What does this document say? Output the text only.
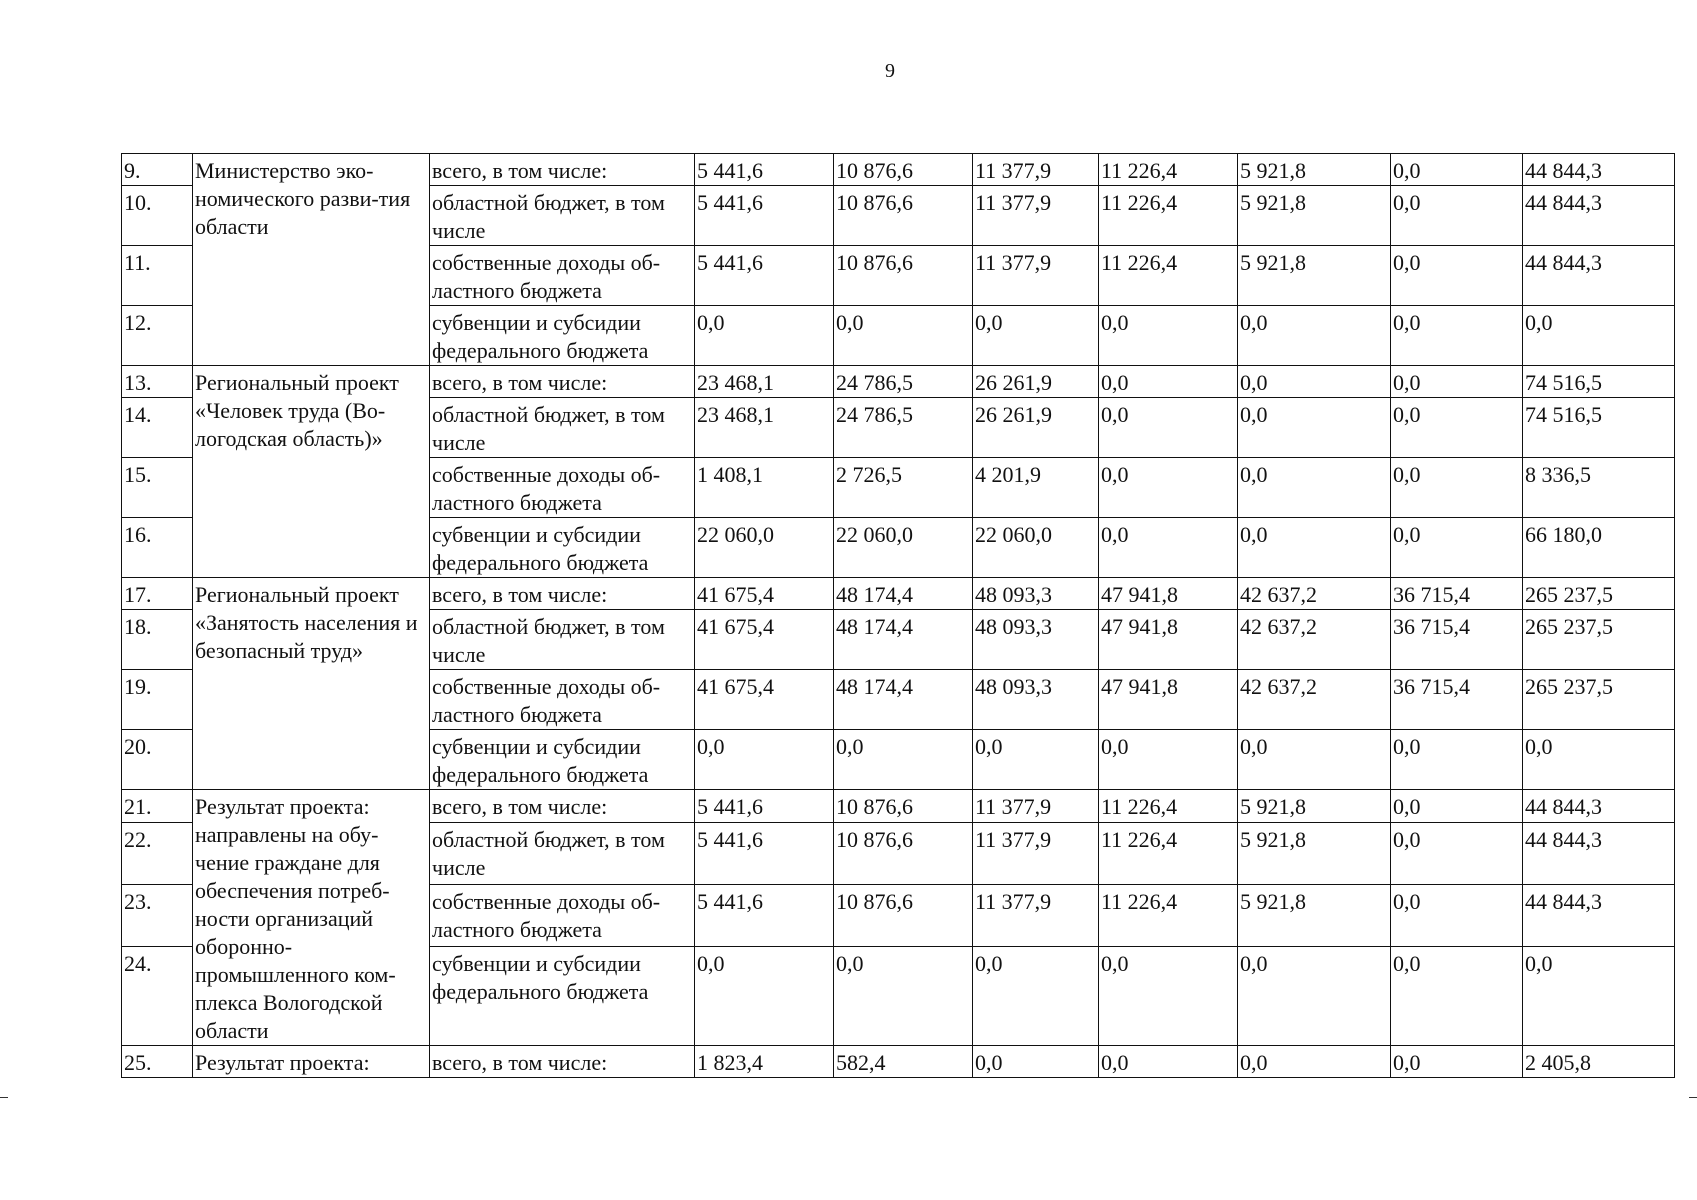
9
9.	Министерство эко-номического разви-тия области	всего, в том числе:	5 441,6	10 876,6	11 377,9	11 226,4	5 921,8	0,0	44 844,3
10.		областной бюджет, в том числе	5 441,6	10 876,6	11 377,9	11 226,4	5 921,8	0,0	44 844,3
11.		собственные доходы об-ластного бюджета	5 441,6	10 876,6	11 377,9	11 226,4	5 921,8	0,0	44 844,3
12.		субвенции и субсидии федерального бюджета	0,0	0,0	0,0	0,0	0,0	0,0	0,0
13.	Региональный проект «Человек труда (Во-логодская область)»	всего, в том числе:	23 468,1	24 786,5	26 261,9	0,0	0,0	0,0	74 516,5
14.		областной бюджет, в том числе	23 468,1	24 786,5	26 261,9	0,0	0,0	0,0	74 516,5
15.		собственные доходы об-ластного бюджета	1 408,1	2 726,5	4 201,9	0,0	0,0	0,0	8 336,5
16.		субвенции и субсидии федерального бюджета	22 060,0	22 060,0	22 060,0	0,0	0,0	0,0	66 180,0
17.	Региональный проект «Занятость населения и безопасный труд»	всего, в том числе:	41 675,4	48 174,4	48 093,3	47 941,8	42 637,2	36 715,4	265 237,5
18.		областной бюджет, в том числе	41 675,4	48 174,4	48 093,3	47 941,8	42 637,2	36 715,4	265 237,5
19.		собственные доходы об-ластного бюджета	41 675,4	48 174,4	48 093,3	47 941,8	42 637,2	36 715,4	265 237,5
20.		субвенции и субсидии федерального бюджета	0,0	0,0	0,0	0,0	0,0	0,0	0,0
21.	Результат проекта: направлены на обу-чение граждане для обеспечения потреб-ности организаций оборонно-промышленного ком-плекса Вологодской области	всего, в том числе:	5 441,6	10 876,6	11 377,9	11 226,4	5 921,8	0,0	44 844,3
22.		областной бюджет, в том числе	5 441,6	10 876,6	11 377,9	11 226,4	5 921,8	0,0	44 844,3
23.		собственные доходы об-ластного бюджета	5 441,6	10 876,6	11 377,9	11 226,4	5 921,8	0,0	44 844,3
24.		субвенции и субсидии федерального бюджета	0,0	0,0	0,0	0,0	0,0	0,0	0,0
25.	Результат проекта:	всего, в том числе:	1 823,4	582,4	0,0	0,0	0,0	0,0	2 405,8
